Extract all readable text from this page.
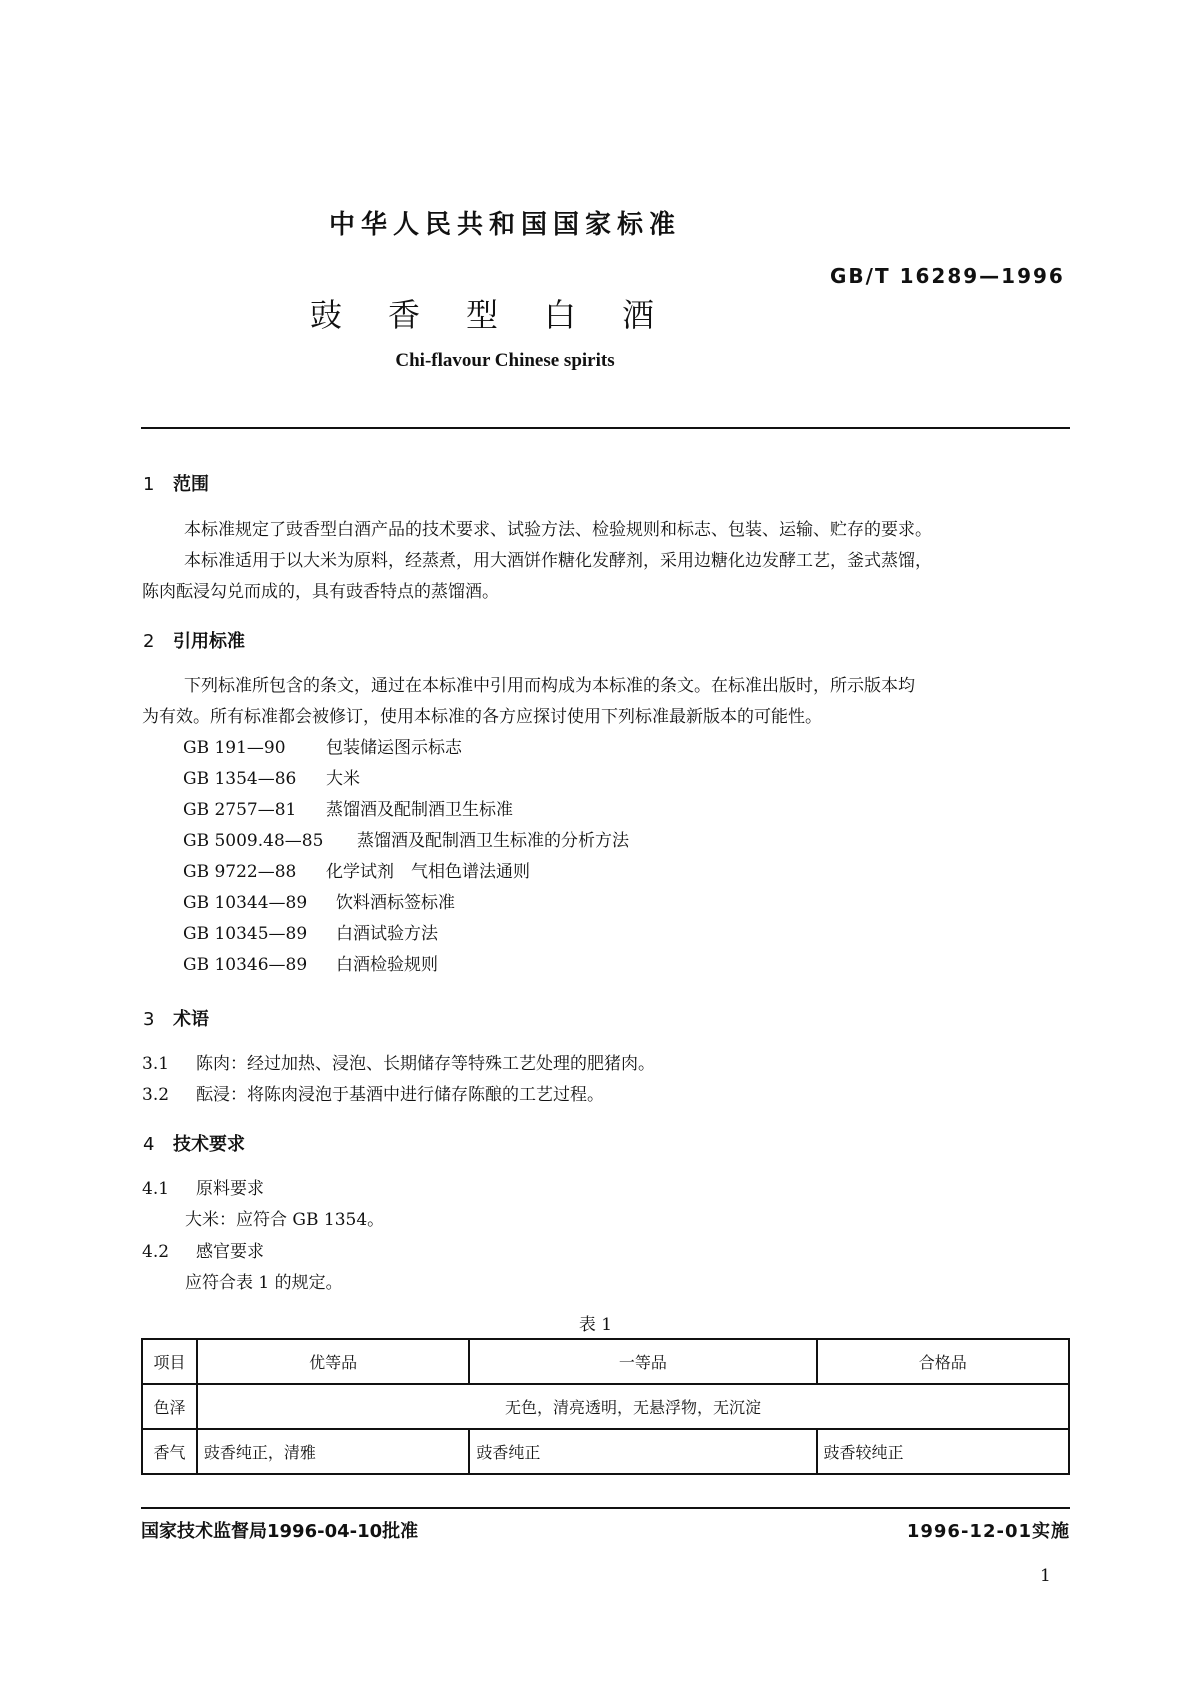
中华人民共和国国家标准
GB/T 16289—1996
豉香型白酒
Chi-flavour Chinese spirits
1 范围
本标准规定了豉香型白酒产品的技术要求、试验方法、检验规则和标志、包装、运输、贮存的要求。
本标准适用于以大米为原料，经蒸煮，用大酒饼作糖化发酵剂，采用边糖化边发酵工艺，釜式蒸馏，
陈肉酝浸勾兑而成的，具有豉香特点的蒸馏酒。
2 引用标准
下列标准所包含的条文，通过在本标准中引用而构成为本标准的条文。在标准出版时，所示版本均
为有效。所有标准都会被修订，使用本标准的各方应探讨使用下列标准最新版本的可能性。
GB 191—90 包装储运图示标志
GB 1354—86 大米
GB 2757—81 蒸馏酒及配制酒卫生标准
GB 5009.48—85 蒸馏酒及配制酒卫生标准的分析方法
GB 9722—88 化学试剂　气相色谱法通则
GB 10344—89 饮料酒标签标准
GB 10345—89 白酒试验方法
GB 10346—89 白酒检验规则
3 术语
3.1 陈肉：经过加热、浸泡、长期储存等特殊工艺处理的肥猪肉。
3.2 酝浸：将陈肉浸泡于基酒中进行储存陈酿的工艺过程。
4 技术要求
4.1 原料要求
大米：应符合 GB 1354。
4.2 感官要求
应符合表 1 的规定。
表 1
项目	优等品	一等品	合格品
色泽	无色，清亮透明，无悬浮物，无沉淀		
香气	豉香纯正，清雅	豉香纯正	豉香较纯正
国家技术监督局1996-04-10批准	1996-12-01实施
1
